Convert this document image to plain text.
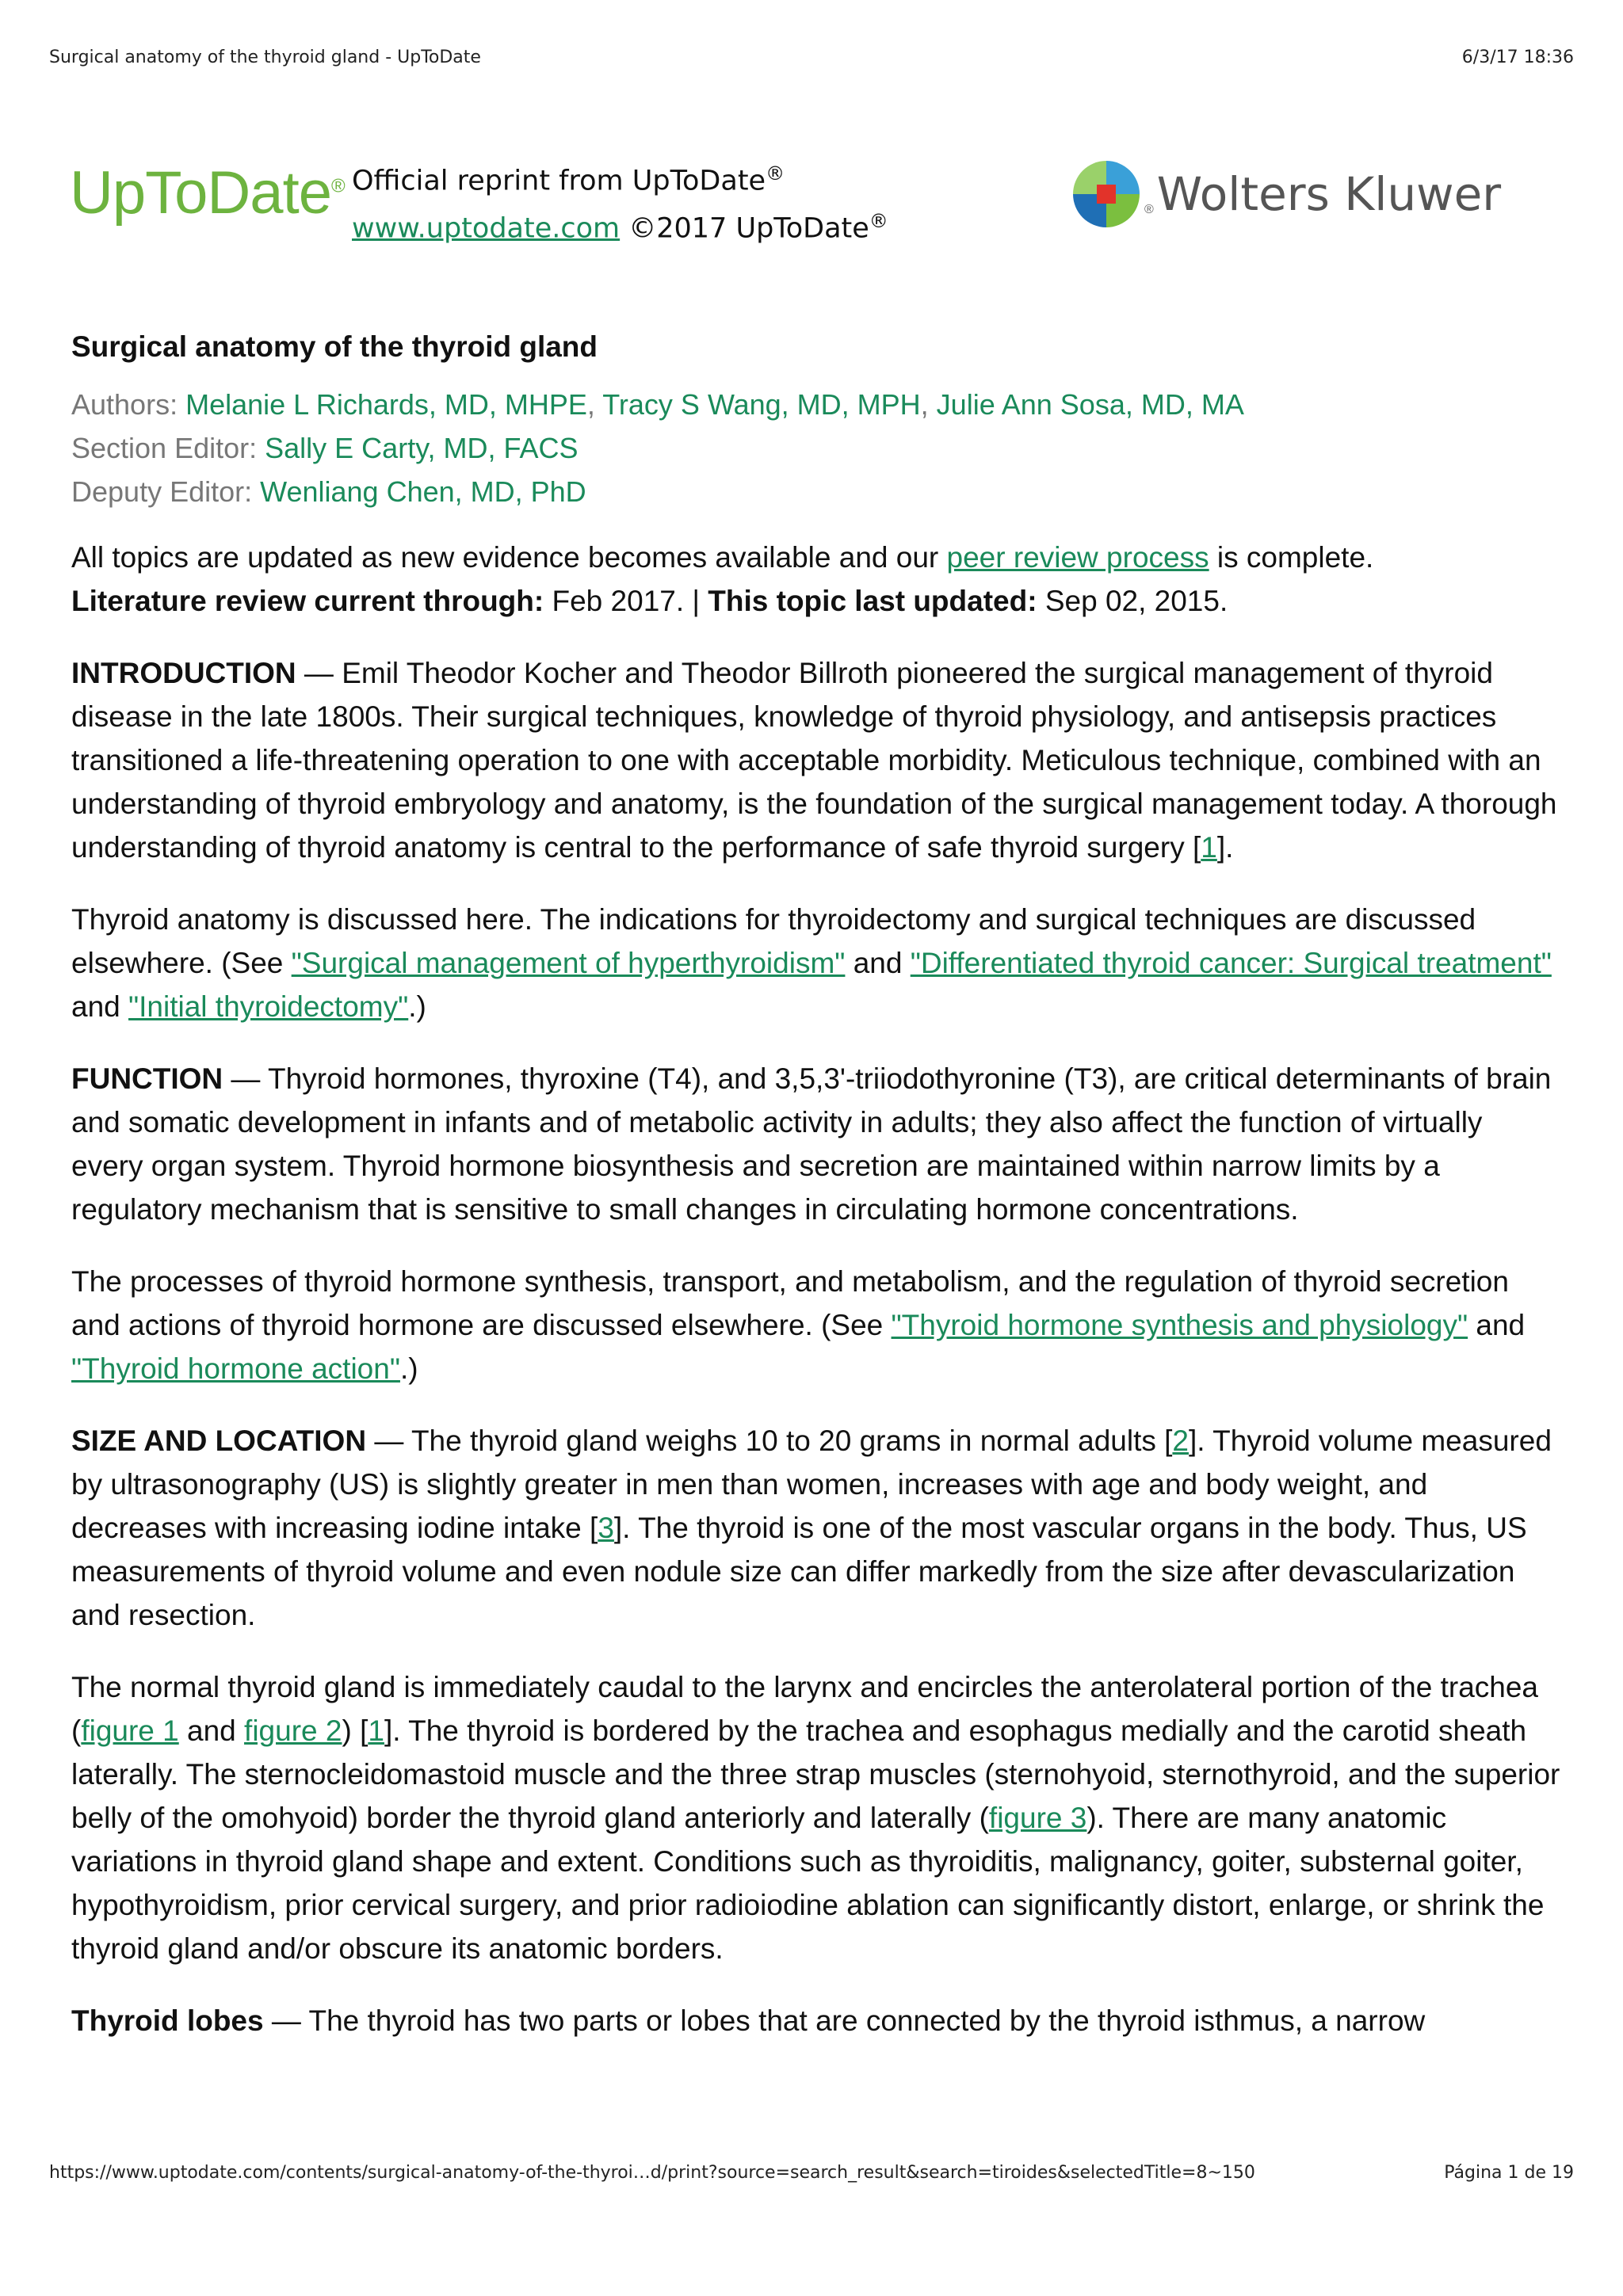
Surgical anatomy of the thyroid gland - UpToDate	6/3/17 18:36
UpToDate® Official reprint from UpToDate®
www.uptodate.com ©2017 UpToDate®
® Wolters Kluwer
Surgical anatomy of the thyroid gland
Authors: Melanie L Richards, MD, MHPE, Tracy S Wang, MD, MPH, Julie Ann Sosa, MD, MA
Section Editor: Sally E Carty, MD, FACS
Deputy Editor: Wenliang Chen, MD, PhD

All topics are updated as new evidence becomes available and our peer review process is complete.
Literature review current through: Feb 2017. | This topic last updated: Sep 02, 2015.

INTRODUCTION — Emil Theodor Kocher and Theodor Billroth pioneered the surgical management of thyroid disease in the late 1800s. Their surgical techniques, knowledge of thyroid physiology, and antisepsis practices transitioned a life-threatening operation to one with acceptable morbidity. Meticulous technique, combined with an understanding of thyroid embryology and anatomy, is the foundation of the surgical management today. A thorough understanding of thyroid anatomy is central to the performance of safe thyroid surgery [1].

Thyroid anatomy is discussed here. The indications for thyroidectomy and surgical techniques are discussed elsewhere. (See "Surgical management of hyperthyroidism" and "Differentiated thyroid cancer: Surgical treatment" and "Initial thyroidectomy".)

FUNCTION — Thyroid hormones, thyroxine (T4), and 3,5,3'-triiodothyronine (T3), are critical determinants of brain and somatic development in infants and of metabolic activity in adults; they also affect the function of virtually every organ system. Thyroid hormone biosynthesis and secretion are maintained within narrow limits by a regulatory mechanism that is sensitive to small changes in circulating hormone concentrations.

The processes of thyroid hormone synthesis, transport, and metabolism, and the regulation of thyroid secretion and actions of thyroid hormone are discussed elsewhere. (See "Thyroid hormone synthesis and physiology" and "Thyroid hormone action".)

SIZE AND LOCATION — The thyroid gland weighs 10 to 20 grams in normal adults [2]. Thyroid volume measured by ultrasonography (US) is slightly greater in men than women, increases with age and body weight, and decreases with increasing iodine intake [3]. The thyroid is one of the most vascular organs in the body. Thus, US measurements of thyroid volume and even nodule size can differ markedly from the size after devascularization and resection.

The normal thyroid gland is immediately caudal to the larynx and encircles the anterolateral portion of the trachea (figure 1 and figure 2) [1]. The thyroid is bordered by the trachea and esophagus medially and the carotid sheath laterally. The sternocleidomastoid muscle and the three strap muscles (sternohyoid, sternothyroid, and the superior belly of the omohyoid) border the thyroid gland anteriorly and laterally (figure 3). There are many anatomic variations in thyroid gland shape and extent. Conditions such as thyroiditis, malignancy, goiter, substernal goiter, hypothyroidism, prior cervical surgery, and prior radioiodine ablation can significantly distort, enlarge, or shrink the thyroid gland and/or obscure its anatomic borders.

Thyroid lobes — The thyroid has two parts or lobes that are connected by the thyroid isthmus, a narrow

https://www.uptodate.com/contents/surgical-anatomy-of-the-thyroi…d/print?source=search_result&search=tiroides&selectedTitle=8~150	Página 1 de 19
